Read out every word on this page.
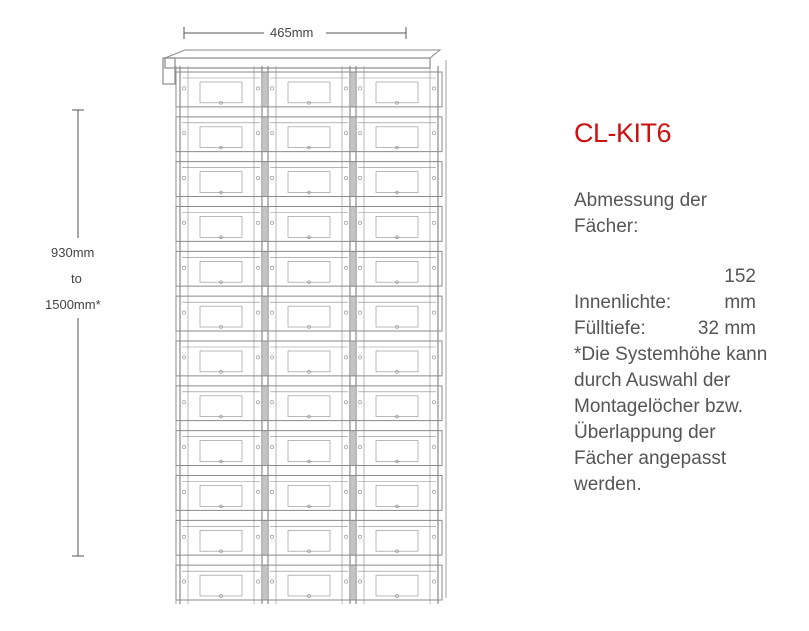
465mm
930mm
to
1500mm*
CL-KIT6
Abmessung der
Fächer:
Innenlichte:152 mm
Fülltiefe:	32 mm
*Die Systemhöhe kann
durch Auswahl der
Montagelöcher bzw.
Überlappung der
Fächer angepasst
werden.
